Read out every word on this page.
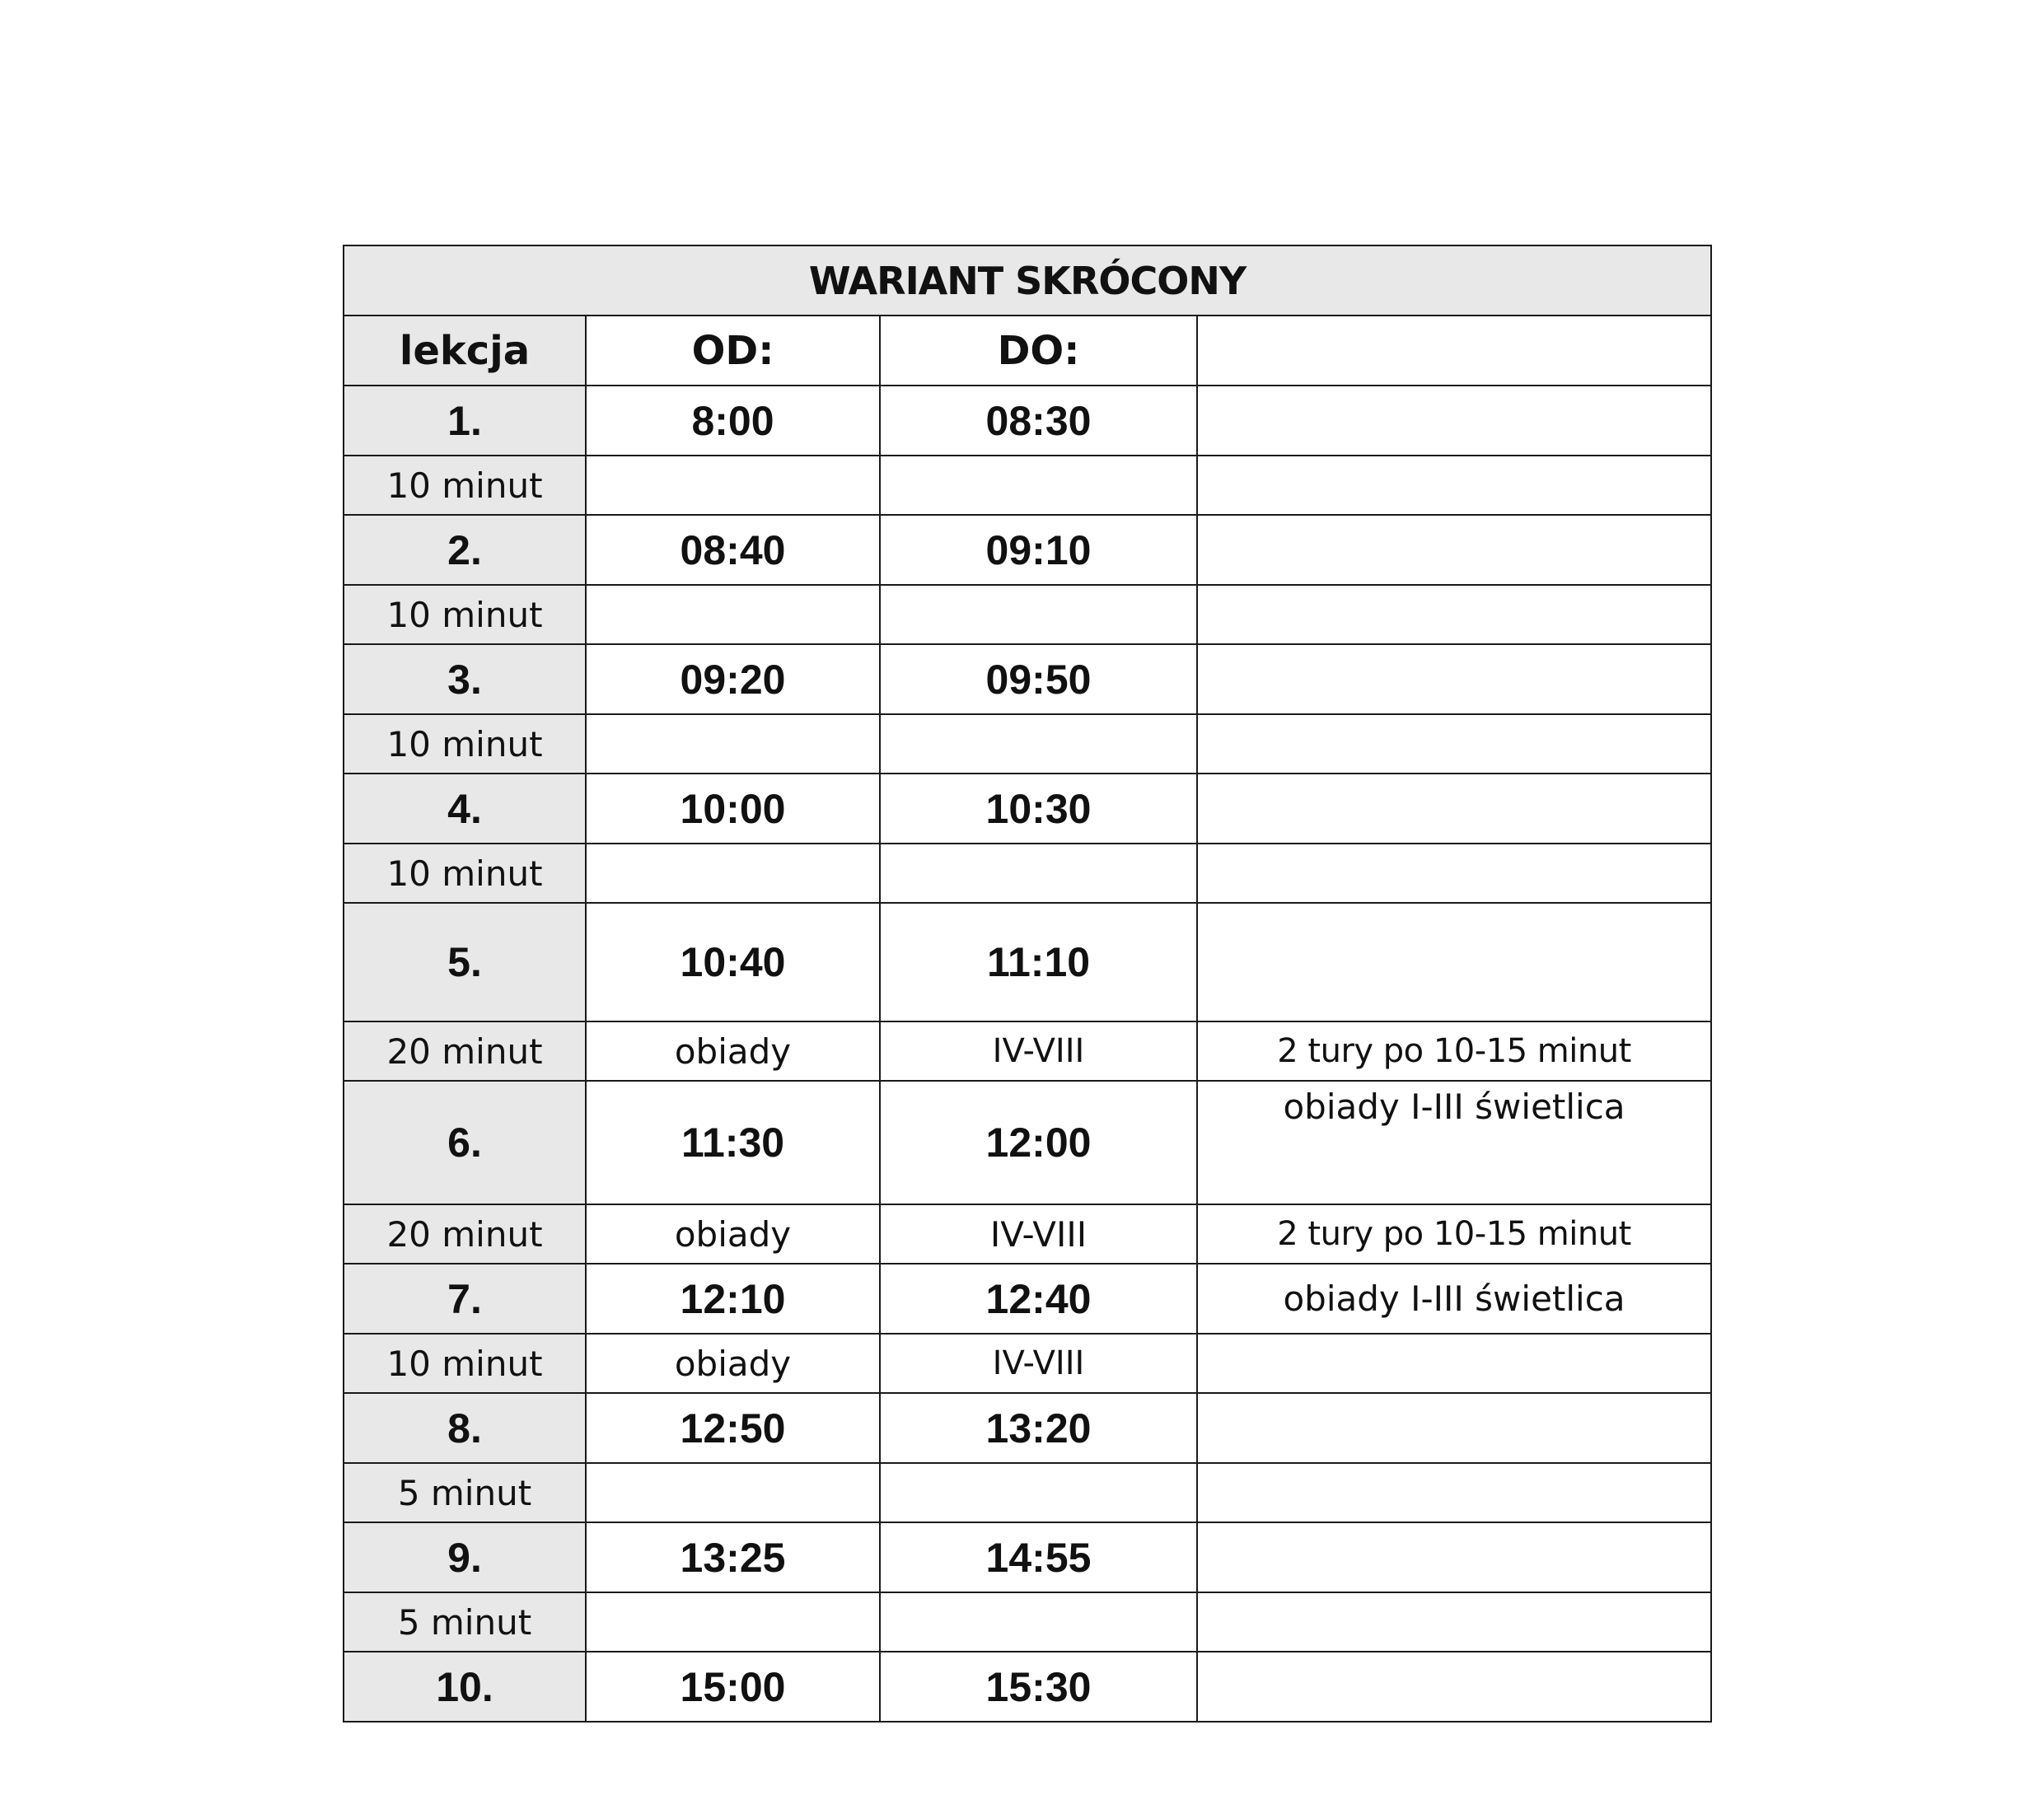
WARIANT SKRÓCONY			
lekcja	OD:	DO:	
1.	8:00	08:30	
10 minut			
2.	08:40	09:10	
10 minut			
3.	09:20	09:50	
10 minut			
4.	10:00	10:30	
10 minut			
5.	10:40	11:10	
20 minut	obiady	IV-VIII	2 tury po 10-15 minut
6.	11:30	12:00	obiady I-III świetlica
20 minut	obiady	IV-VIII	2 tury po 10-15 minut
7.	12:10	12:40	obiady I-III świetlica
10 minut	obiady	IV-VIII	
8.	12:50	13:20	
5 minut			
9.	13:25	14:55	
5 minut			
10.	15:00	15:30	
